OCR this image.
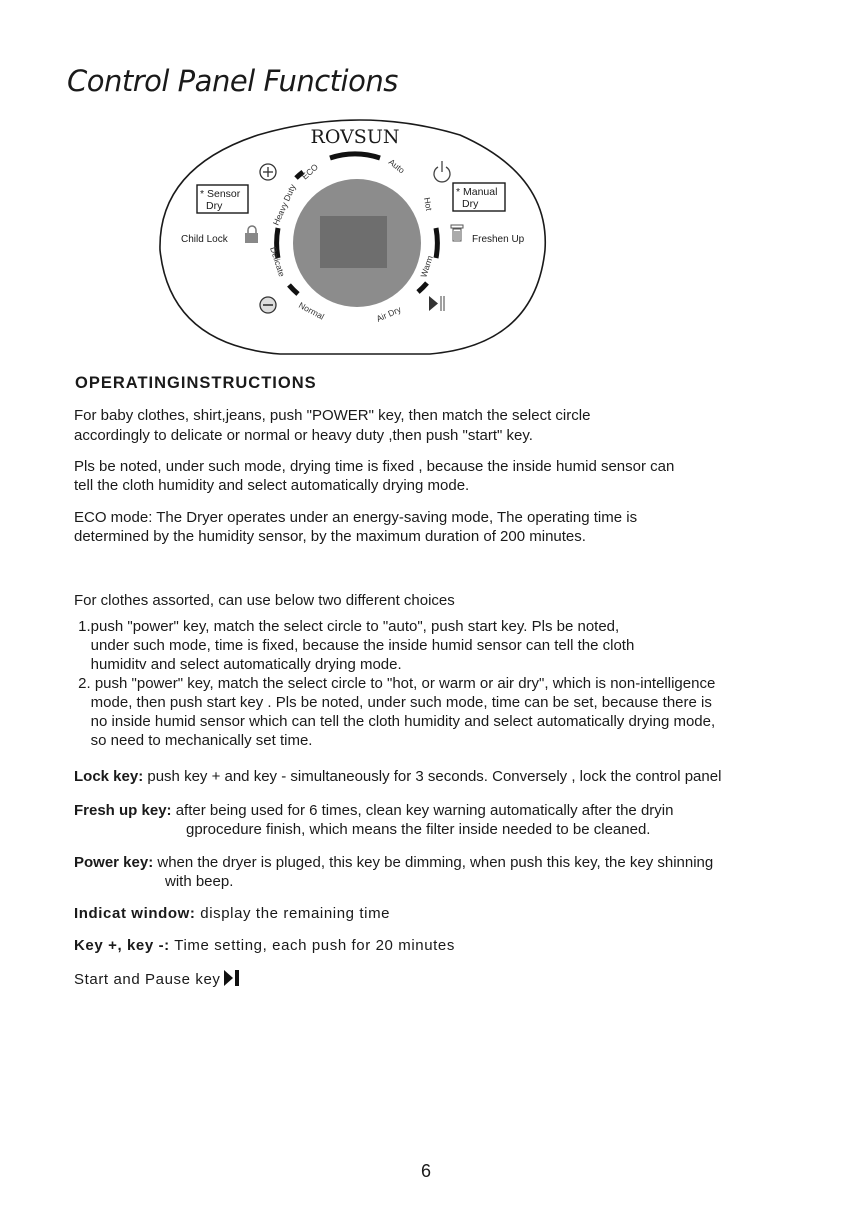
Control Panel Functions
ROVSUN
* Sensor
Dry
* Manual
Dry
Child Lock	Freshen Up
ECO	Auto
Hot
Warm
Air Dry
Normal
Delicate
Heavy Duty
OPERATINGINSTRUCTIONS

For baby clothes, shirt,jeans, push "POWER" key, then match the select circle

accordingly to delicate or normal or heavy duty ,then push "start" key.

Pls be noted, under such mode, drying time is fixed , because the inside humid sensor can

tell the cloth humidity and select automatically drying mode.

ECO mode: The Dryer operates under an energy-saving mode, The operating time is

determined by the humidity sensor, by the maximum duration of 200 minutes.

For clothes assorted, can use below two different choices

1.push "power" key, match the select circle to "auto", push start key. Pls be noted,

under such mode, time is fixed, because the inside humid sensor can tell the cloth

humiditv and select automatically drying mode.

2. push "power" key, match the select circle to "hot, or warm or air dry", which is non-intelligence

mode, then push start key . Pls be noted, under such mode, time can be set, because there is

no inside humid sensor which can tell the cloth humidity and select automatically drying mode,

so need to mechanically set time.

Lock key: push key + and key - simultaneously for 3 seconds. Conversely , lock the control panel

Fresh up key: after being used for 6 times, clean key warning automatically after the dryin

gprocedure finish, which means the filter inside needed to be cleaned.

Power key: when the dryer is pluged, this key be dimming, when push this key, the key shinning

with beep.

Indicat window: display the remaining time

Key +, key -: Time setting, each push for 20 minutes

Start and Pause key

6
